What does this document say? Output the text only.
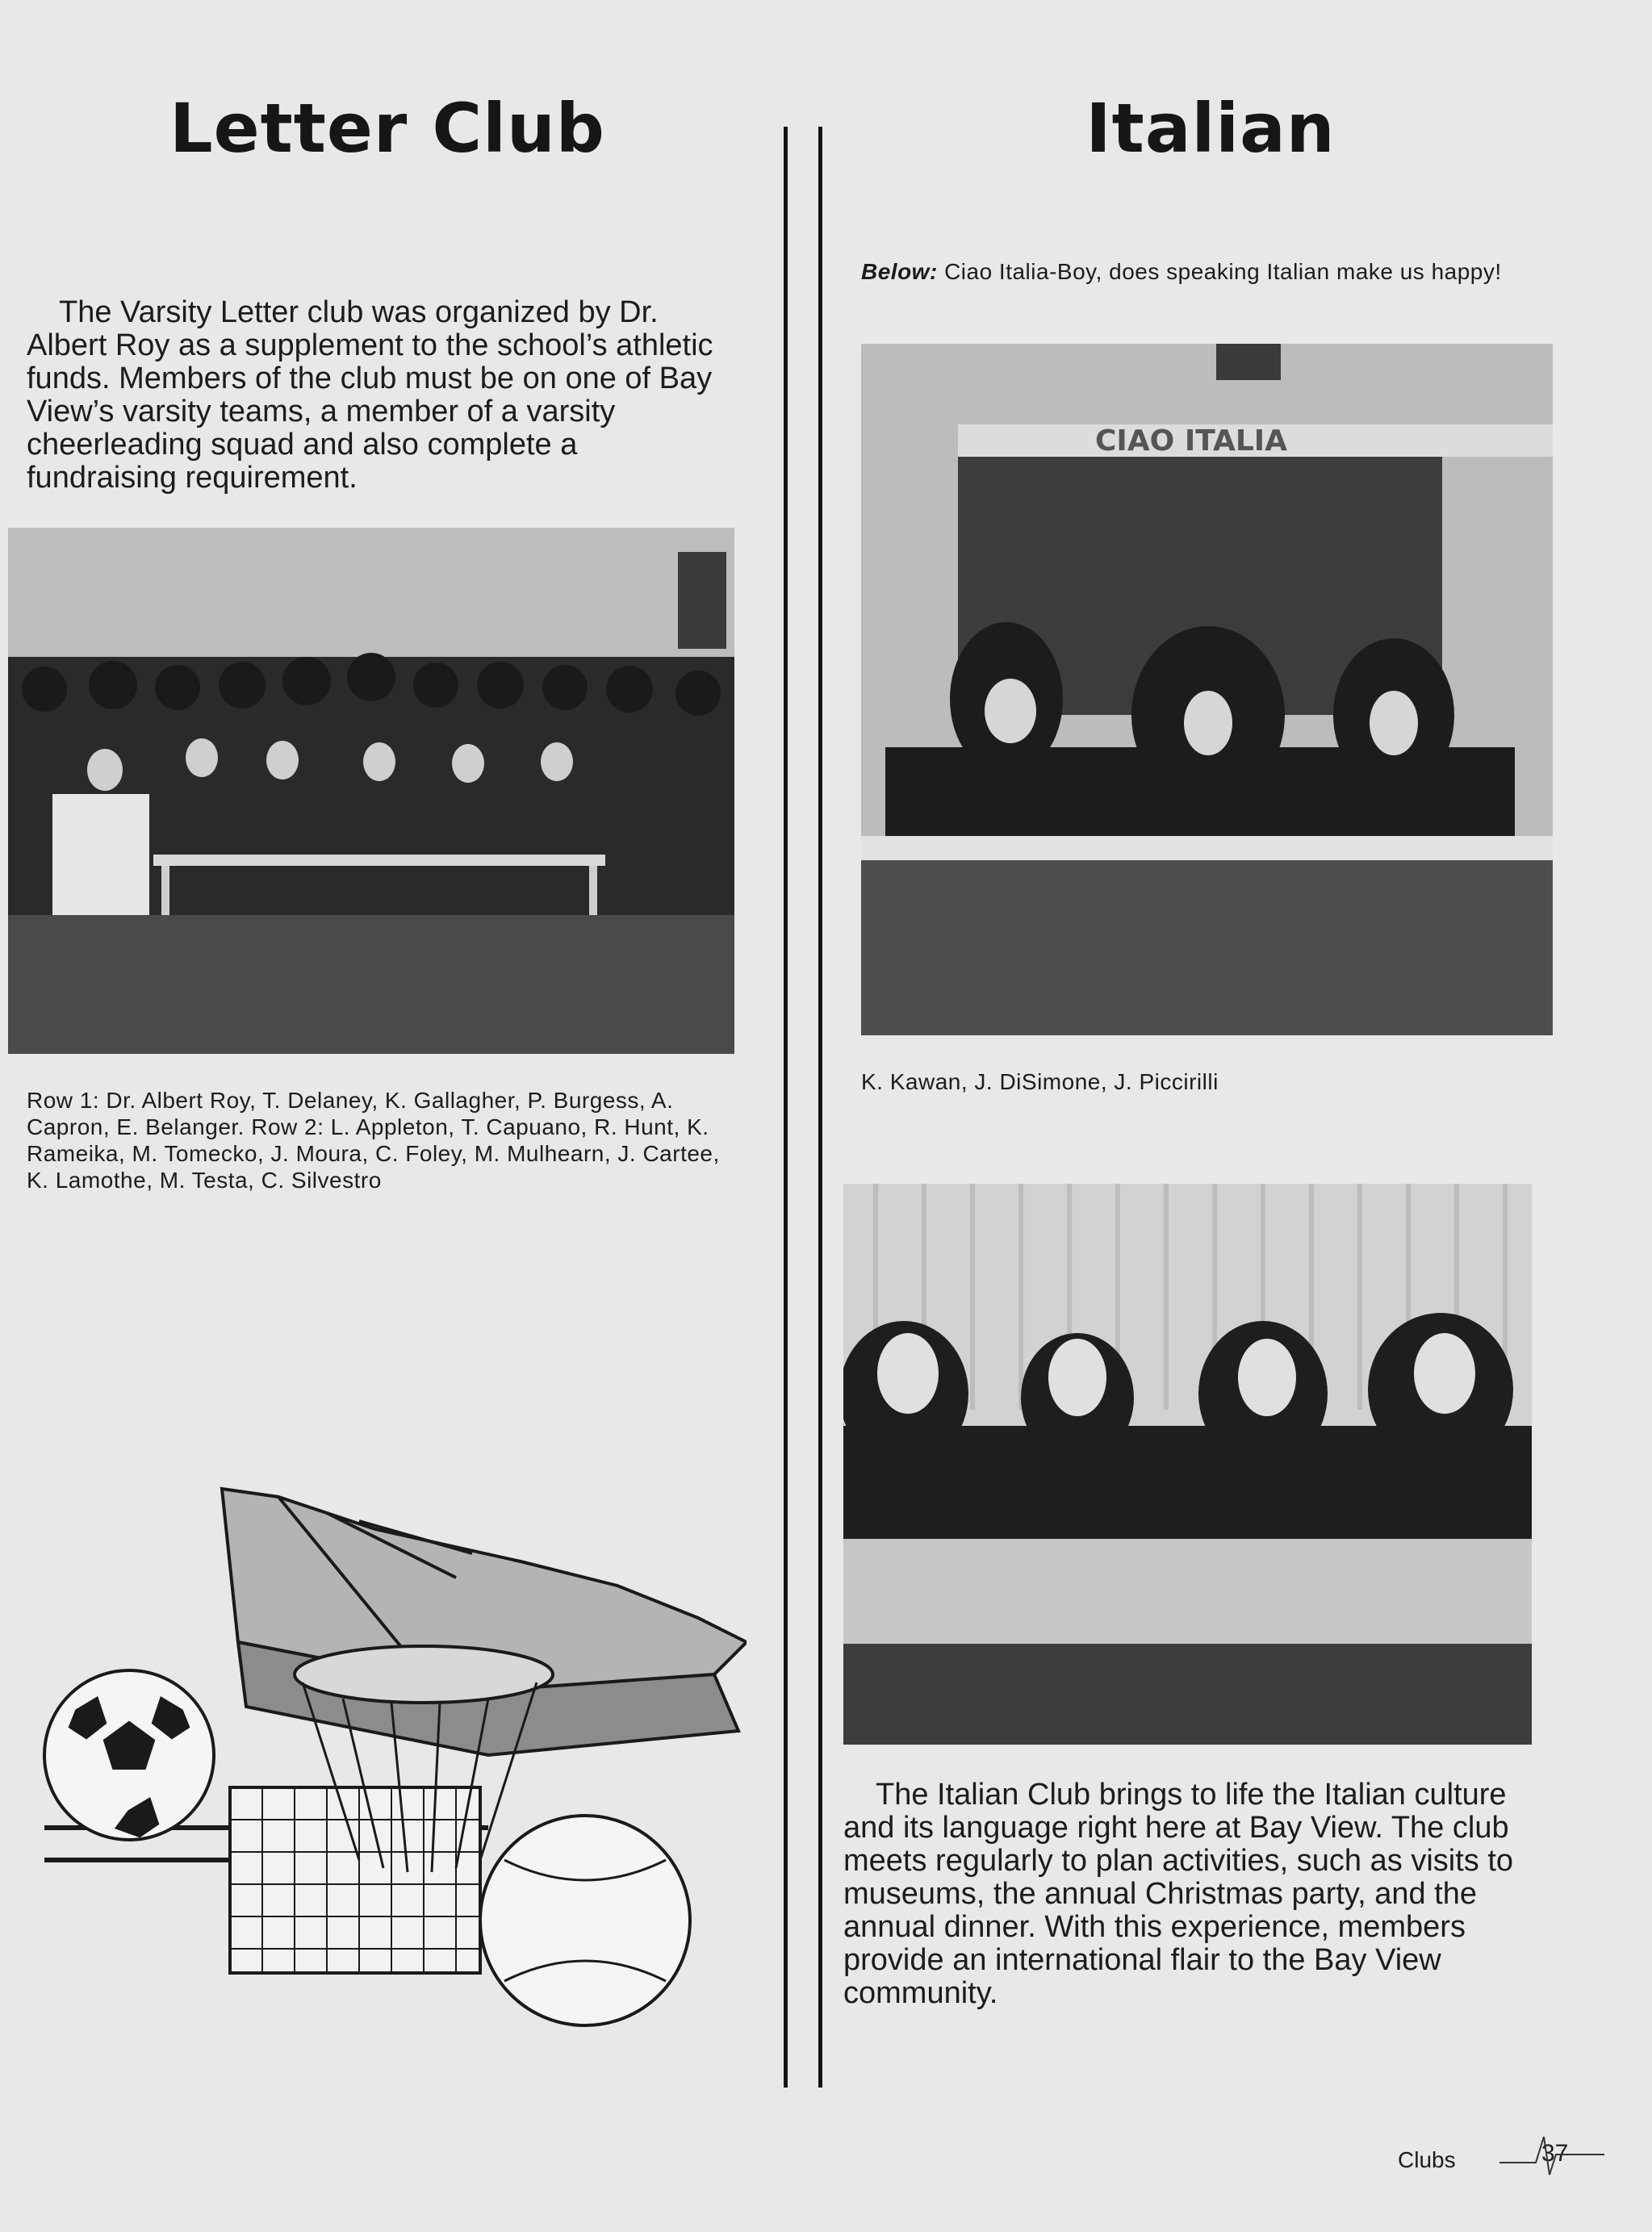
Letter Club
The Varsity Letter club was organized by Dr. Albert Roy as a supplement to the school’s athletic funds. Members of the club must be on one of Bay View’s varsity teams, a member of a varsity cheerleading squad and also complete a fundraising requirement.
Row 1: Dr. Albert Roy, T. Delaney, K. Gallagher, P. Burgess, A. Capron, E. Belanger. Row 2: L. Appleton, T. Capuano, R. Hunt, K. Rameika, M. Tomecko, J. Moura, C. Foley, M. Mulhearn, J. Cartee, K. Lamothe, M. Testa, C. Silvestro
Italian
Below: Ciao Italia-Boy, does speaking Italian make us happy!
CIAO ITALIA
K. Kawan, J. DiSimone, J. Piccirilli
The Italian Club brings to life the Italian culture and its language right here at Bay View. The club meets regularly to plan activities, such as visits to museums, the annual Christmas party, and the annual dinner. With this experience, members provide an international flair to the Bay View community.
Clubs	37
